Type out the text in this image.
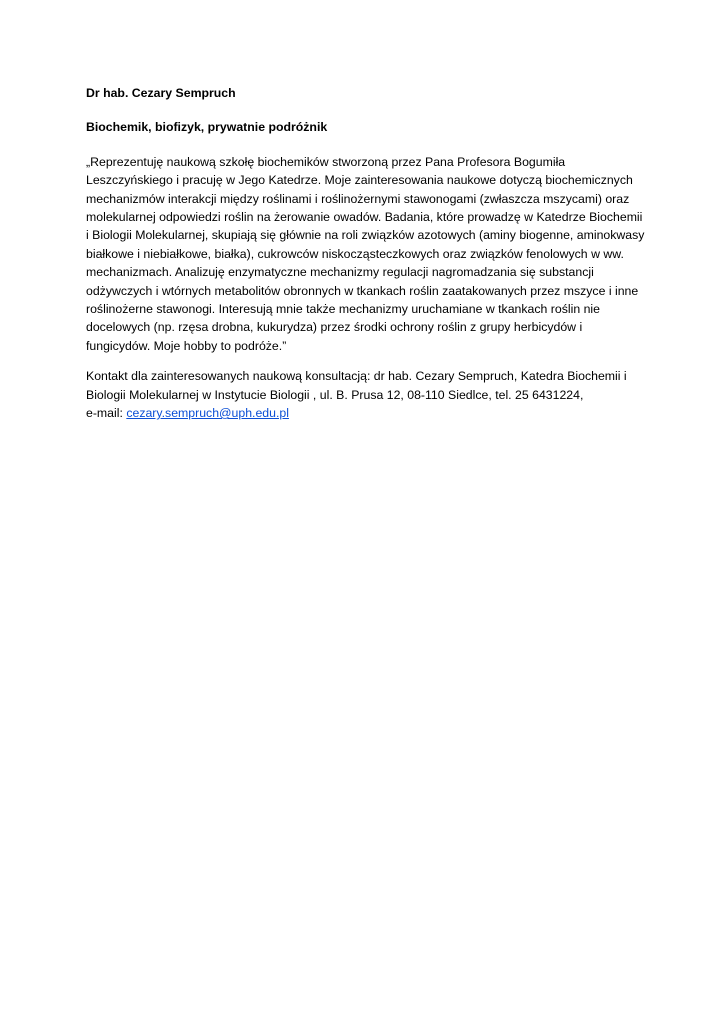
Dr hab. Cezary Sempruch

Biochemik, biofizyk, prywatnie podróżnik

„Reprezentuję naukową szkołę biochemików stworzoną przez Pana Profesora Bogumiła Leszczyńskiego i pracuję w Jego Katedrze. Moje zainteresowania naukowe dotyczą biochemicznych mechanizmów interakcji między roślinami i roślinożernymi stawonogami (zwłaszcza mszycami) oraz molekularnej odpowiedzi roślin na żerowanie owadów. Badania, które prowadzę w Katedrze Biochemii i Biologii Molekularnej, skupiają się głównie na roli związków azotowych (aminy biogenne, aminokwasy białkowe i niebiałkowe, białka), cukrowców niskocząsteczkowych oraz związków fenolowych w ww. mechanizmach. Analizuję enzymatyczne mechanizmy regulacji nagromadzania się substancji odżywczych i wtórnych metabolitów obronnych w tkankach roślin zaatakowanych przez mszyce i inne roślinożerne stawonogi. Interesują mnie także mechanizmy uruchamiane w tkankach roślin nie docelowych (np. rzęsa drobna, kukurydza) przez środki ochrony roślin z grupy herbicydów i fungicydów. Moje hobby to podróże.”

Kontakt dla zainteresowanych naukową konsultacją: dr hab. Cezary Sempruch, Katedra Biochemii i Biologii Molekularnej w Instytucie Biologii , ul. B. Prusa 12, 08-110 Siedlce, tel. 25 6431224,
e-mail: cezary.sempruch@uph.edu.pl
